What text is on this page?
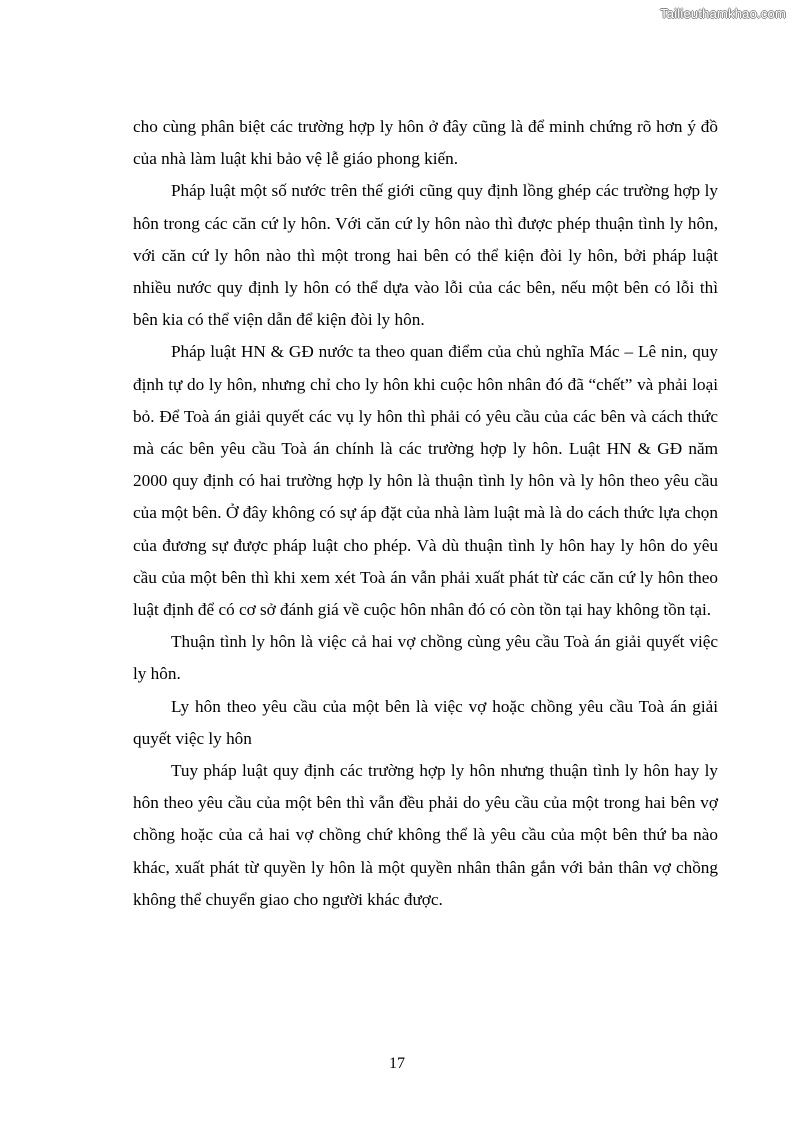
Tailieuthamkhao.com

cho cùng phân biệt các trường hợp ly hôn ở đây cũng là để minh chứng rõ hơn ý đồ của nhà làm luật khi bảo vệ lễ giáo phong kiến.

Pháp luật một số nước trên thế giới cũng quy định lồng ghép các trường hợp ly hôn trong các căn cứ ly hôn. Với căn cứ ly hôn nào thì được phép thuận tình ly hôn, với căn cứ ly hôn nào thì một trong hai bên có thể kiện đòi ly hôn, bởi pháp luật nhiều nước quy định ly hôn có thể dựa vào lỗi của các bên, nếu một bên có lỗi thì bên kia có thể viện dẫn để kiện đòi ly hôn.

Pháp luật HN & GĐ nước ta theo quan điểm của chủ nghĩa Mác – Lê nin, quy định tự do ly hôn, nhưng chỉ cho ly hôn khi cuộc hôn nhân đó đã “chết” và phải loại bỏ. Để Toà án giải quyết các vụ ly hôn thì phải có yêu cầu của các bên và cách thức mà các bên yêu cầu Toà án chính là các trường hợp ly hôn. Luật HN & GĐ năm 2000 quy định có hai trường hợp ly hôn là thuận tình ly hôn và ly hôn theo yêu cầu của một bên. Ở đây không có sự áp đặt của nhà làm luật mà là do cách thức lựa chọn của đương sự được pháp luật cho phép. Và dù thuận tình ly hôn hay ly hôn do yêu cầu của một bên thì khi xem xét Toà án vẫn phải xuất phát từ các căn cứ ly hôn theo luật định để có cơ sở đánh giá về cuộc hôn nhân đó có còn tồn tại hay không tồn tại.

Thuận tình ly hôn là việc cả hai vợ chồng cùng yêu cầu Toà án giải quyết việc ly hôn.

Ly hôn theo yêu cầu của một bên là việc vợ hoặc chồng yêu cầu Toà án giải quyết việc ly hôn

Tuy pháp luật quy định các trường hợp ly hôn nhưng thuận tình ly hôn hay ly hôn theo yêu cầu của một bên thì vẫn đều phải do yêu cầu của một trong hai bên vợ chồng hoặc của cả hai vợ chồng chứ không thể là yêu cầu của một bên thứ ba nào khác, xuất phát từ quyền ly hôn là một quyền nhân thân gắn với bản thân vợ chồng không thể chuyển giao cho người khác được.

17
